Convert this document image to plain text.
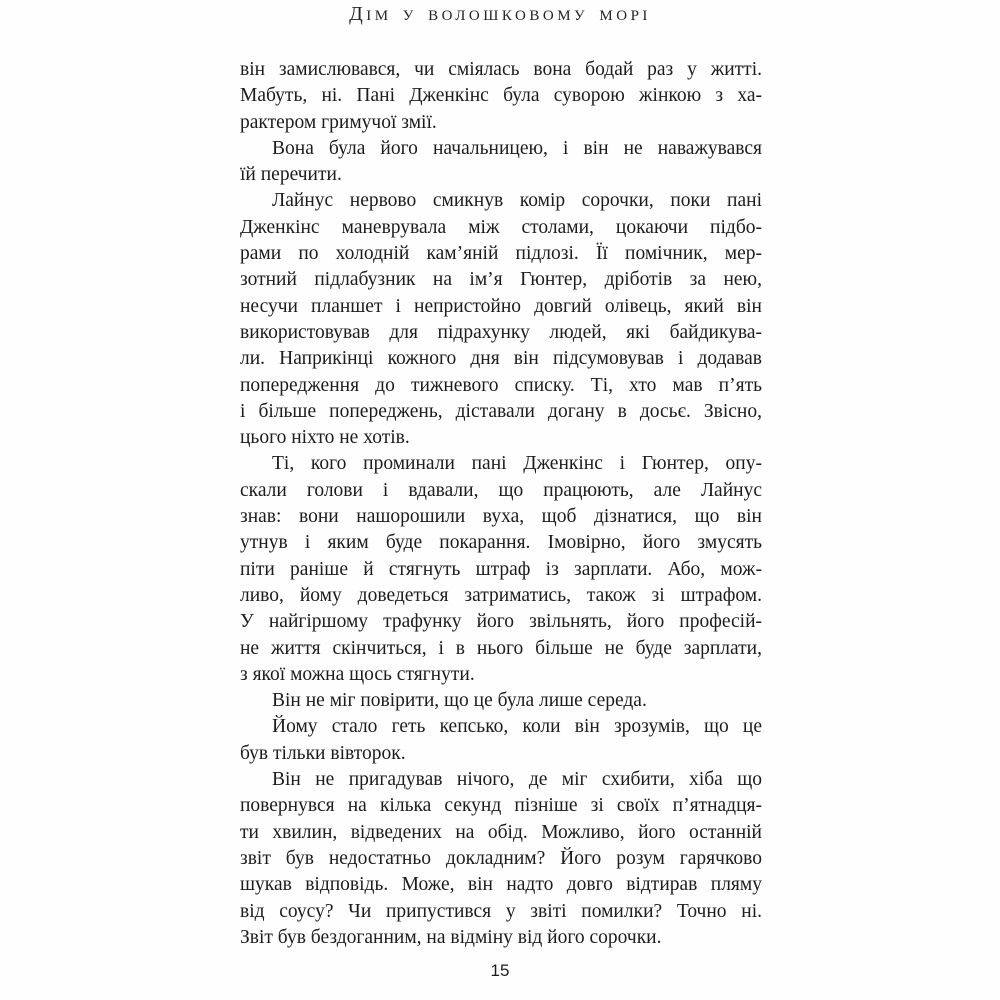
ДІМ У ВОЛОШКОВОМУ МОРІ
він замислювався, чи сміялась вона бодай раз у житті.
Мабуть, ні. Пані Дженкінс була суворою жінкою з ха-
рактером гримучої змії.
Вона була його начальницею, і він не наважувався
їй перечити.
Лайнус нервово смикнув комір сорочки, поки пані
Дженкінс маневрувала між столами, цокаючи підбо-
рами по холодній кам’яній підлозі. Її помічник, мер-
зотний підлабузник на ім’я Гюнтер, дріботів за нею,
несучи планшет і непристойно довгий олівець, який він
використовував для підрахунку людей, які байдикува-
ли. Наприкінці кожного дня він підсумовував і додавав
попередження до тижневого списку. Ті, хто мав п’ять
і більше попереджень, діставали догану в досьє. Звісно,
цього ніхто не хотів.
Ті, кого проминали пані Дженкінс і Гюнтер, опу-
скали голови і вдавали, що працюють, але Лайнус
знав: вони нашорошили вуха, щоб дізнатися, що він
утнув і яким буде покарання. Імовірно, його змусять
піти раніше й стягнуть штраф із зарплати. Або, мож-
ливо, йому доведеться затриматись, також зі штрафом.
У найгіршому трафунку його звільнять, його професій-
не життя скінчиться, і в нього більше не буде зарплати,
з якої можна щось стягнути.
Він не міг повірити, що це була лише середа.
Йому стало геть кепсько, коли він зрозумів, що це
був тільки вівторок.
Він не пригадував нічого, де міг схибити, хіба що
повернувся на кілька секунд пізніше зі своїх п’ятнадця-
ти хвилин, відведених на обід. Можливо, його останній
звіт був недостатньо докладним? Його розум гарячково
шукав відповідь. Може, він надто довго відтирав пляму
від соусу? Чи припустився у звіті помилки? Точно ні.
Звіт був бездоганним, на відміну від його сорочки.
15
